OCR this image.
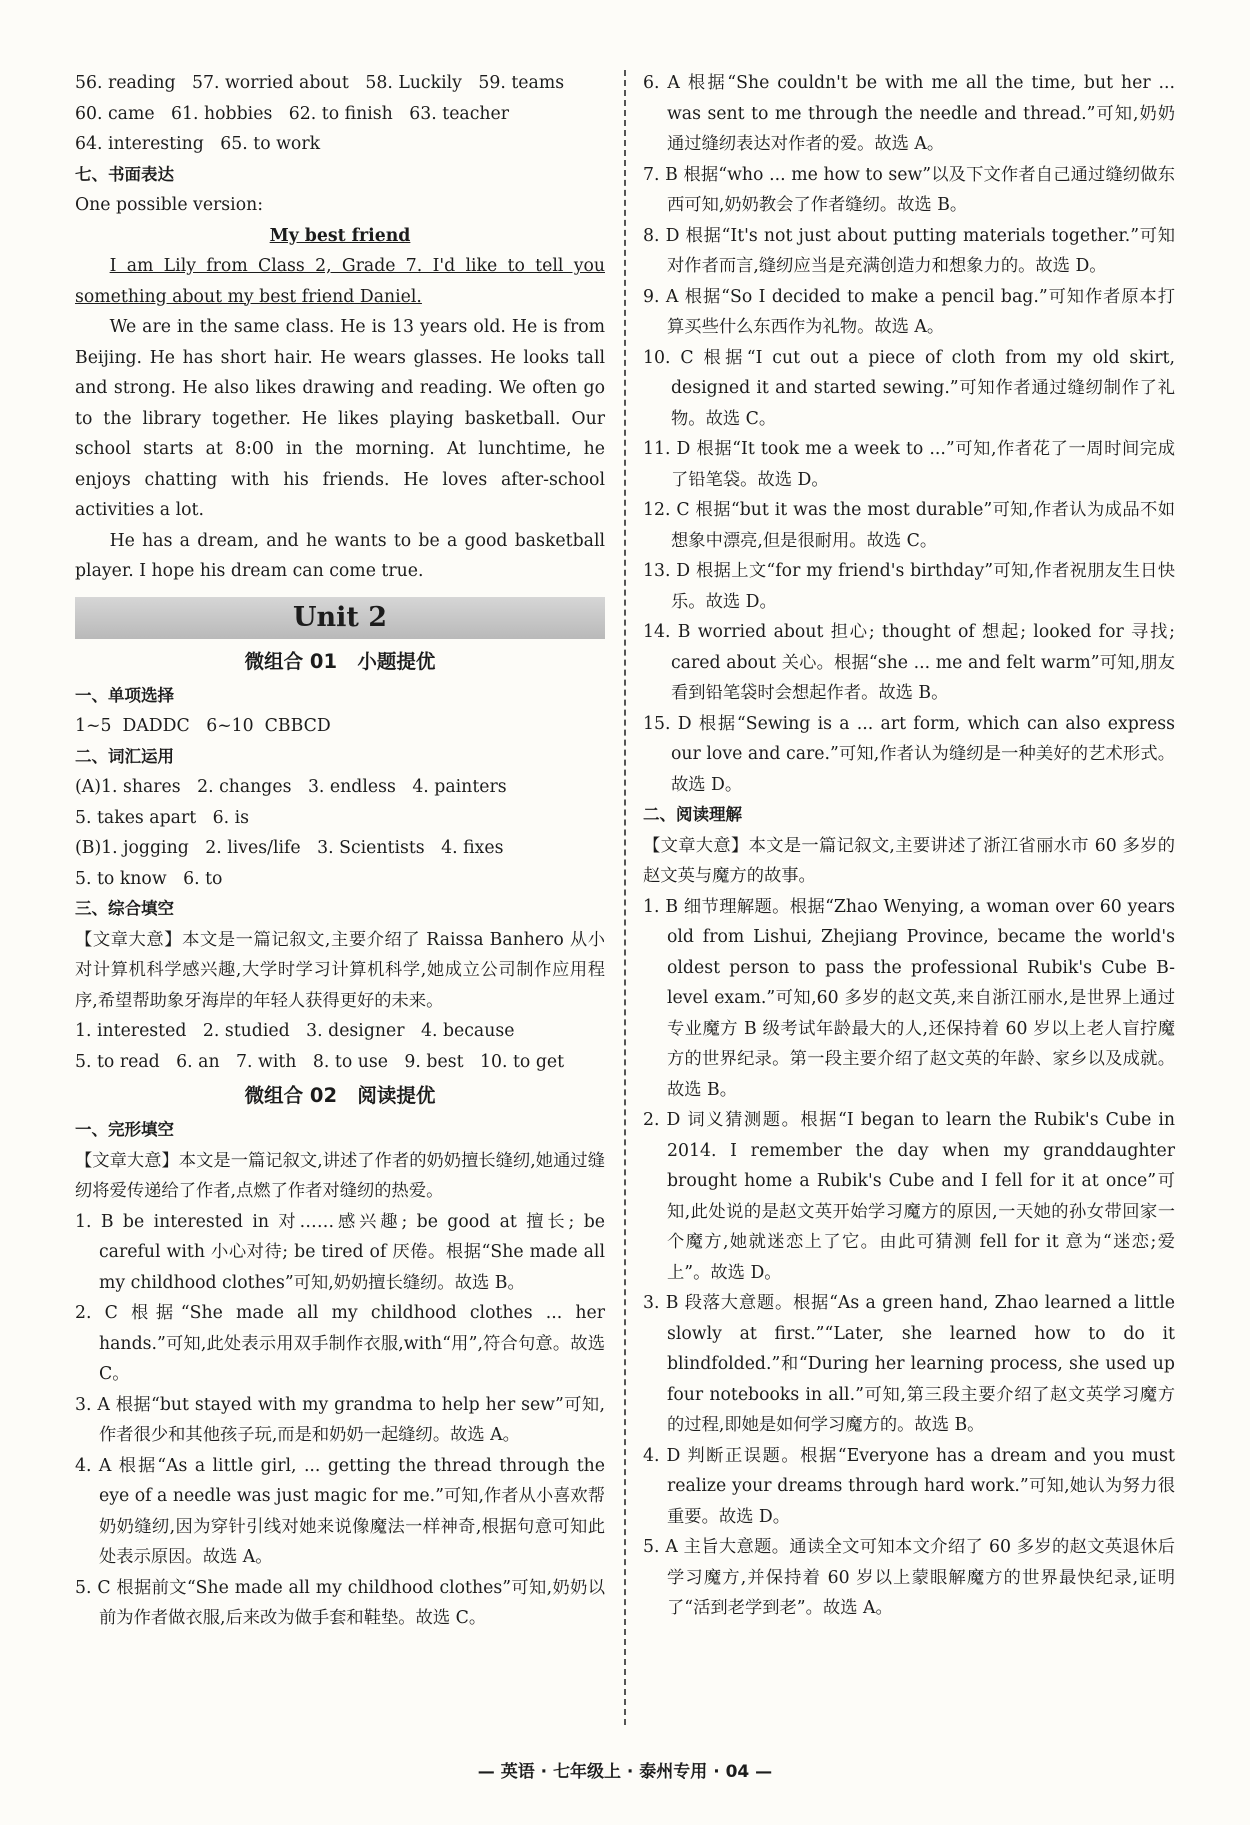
56. reading   57. worried about   58. Luckily   59. teams

60. came   61. hobbies   62. to finish   63. teacher

64. interesting   65. to work

七、书面表达

One possible version:

My best friend

I am Lily from Class 2, Grade 7. I'd like to tell you something about my best friend Daniel.

We are in the same class. He is 13 years old. He is from Beijing. He has short hair. He wears glasses. He looks tall and strong. He also likes drawing and reading. We often go to the library together. He likes playing basketball. Our school starts at 8:00 in the morning. At lunchtime, he enjoys chatting with his friends. He loves after-school activities a lot.

He has a dream, and he wants to be a good basketball player. I hope his dream can come true.

Unit 2

微组合 01   小题提优

一、单项选择

1~5  DADDC   6~10  CBBCD

二、词汇运用

(A)1. shares   2. changes   3. endless   4. painters

5. takes apart   6. is

(B)1. jogging   2. lives/life   3. Scientists   4. fixes

5. to know   6. to

三、综合填空

【文章大意】本文是一篇记叙文,主要介绍了 Raissa Banhero 从小对计算机科学感兴趣,大学时学习计算机科学,她成立公司制作应用程序,希望帮助象牙海岸的年轻人获得更好的未来。

1. interested   2. studied   3. designer   4. because

5. to read   6. an   7. with   8. to use   9. best   10. to get

微组合 02   阅读提优

一、完形填空

【文章大意】本文是一篇记叙文,讲述了作者的奶奶擅长缝纫,她通过缝纫将爱传递给了作者,点燃了作者对缝纫的热爱。

1. B be interested in 对……感兴趣; be good at 擅长; be careful with 小心对待; be tired of 厌倦。根据“She made all my childhood clothes”可知,奶奶擅长缝纫。故选 B。

2. C 根据“She made all my childhood clothes ... her hands.”可知,此处表示用双手制作衣服,with“用”,符合句意。故选 C。

3. A 根据“but stayed with my grandma to help her sew”可知,作者很少和其他孩子玩,而是和奶奶一起缝纫。故选 A。

4. A 根据“As a little girl, ... getting the thread through the eye of a needle was just magic for me.”可知,作者从小喜欢帮奶奶缝纫,因为穿针引线对她来说像魔法一样神奇,根据句意可知此处表示原因。故选 A。

5. C 根据前文“She made all my childhood clothes”可知,奶奶以前为作者做衣服,后来改为做手套和鞋垫。故选 C。

6. A 根据“She couldn't be with me all the time, but her ... was sent to me through the needle and thread.”可知,奶奶通过缝纫表达对作者的爱。故选 A。

7. B 根据“who ... me how to sew”以及下文作者自己通过缝纫做东西可知,奶奶教会了作者缝纫。故选 B。

8. D 根据“It's not just about putting materials together.”可知对作者而言,缝纫应当是充满创造力和想象力的。故选 D。

9. A 根据“So I decided to make a pencil bag.”可知作者原本打算买些什么东西作为礼物。故选 A。

10. C 根据“I cut out a piece of cloth from my old skirt, designed it and started sewing.”可知作者通过缝纫制作了礼物。故选 C。

11. D 根据“It took me a week to ...”可知,作者花了一周时间完成了铅笔袋。故选 D。

12. C 根据“but it was the most durable”可知,作者认为成品不如想象中漂亮,但是很耐用。故选 C。

13. D 根据上文“for my friend's birthday”可知,作者祝朋友生日快乐。故选 D。

14. B worried about 担心; thought of 想起; looked for 寻找; cared about 关心。根据“she ... me and felt warm”可知,朋友看到铅笔袋时会想起作者。故选 B。

15. D 根据“Sewing is a ... art form, which can also express our love and care.”可知,作者认为缝纫是一种美好的艺术形式。故选 D。

二、阅读理解

【文章大意】本文是一篇记叙文,主要讲述了浙江省丽水市 60 多岁的赵文英与魔方的故事。

1. B 细节理解题。根据“Zhao Wenying, a woman over 60 years old from Lishui, Zhejiang Province, became the world's oldest person to pass the professional Rubik's Cube B-level exam.”可知,60 多岁的赵文英,来自浙江丽水,是世界上通过专业魔方 B 级考试年龄最大的人,还保持着 60 岁以上老人盲拧魔方的世界纪录。第一段主要介绍了赵文英的年龄、家乡以及成就。故选 B。

2. D 词义猜测题。根据“I began to learn the Rubik's Cube in 2014. I remember the day when my granddaughter brought home a Rubik's Cube and I fell for it at once”可知,此处说的是赵文英开始学习魔方的原因,一天她的孙女带回家一个魔方,她就迷恋上了它。由此可猜测 fell for it 意为“迷恋;爱上”。故选 D。

3. B 段落大意题。根据“As a green hand, Zhao learned a little slowly at first.”“Later, she learned how to do it blindfolded.”和“During her learning process, she used up four notebooks in all.”可知,第三段主要介绍了赵文英学习魔方的过程,即她是如何学习魔方的。故选 B。

4. D 判断正误题。根据“Everyone has a dream and you must realize your dreams through hard work.”可知,她认为努力很重要。故选 D。

5. A 主旨大意题。通读全文可知本文介绍了 60 多岁的赵文英退休后学习魔方,并保持着 60 岁以上蒙眼解魔方的世界最快纪录,证明了“活到老学到老”。故选 A。

— 英语 · 七年级上 · 泰州专用 · 04 —
